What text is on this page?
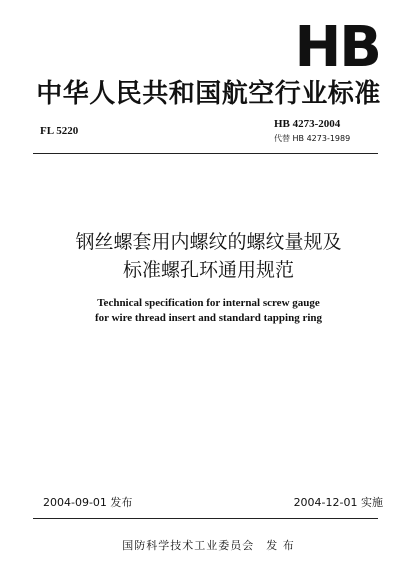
HB
中华人民共和国航空行业标准
FL 5220
HB 4273-2004
代替 HB 4273-1989
钢丝螺套用内螺纹的螺纹量规及
标准螺孔环通用规范
Technical specification for internal screw gauge
for wire thread insert and standard tapping ring
2004-09-01 发布	2004-12-01 实施
国防科学技术工业委员会 发 布
